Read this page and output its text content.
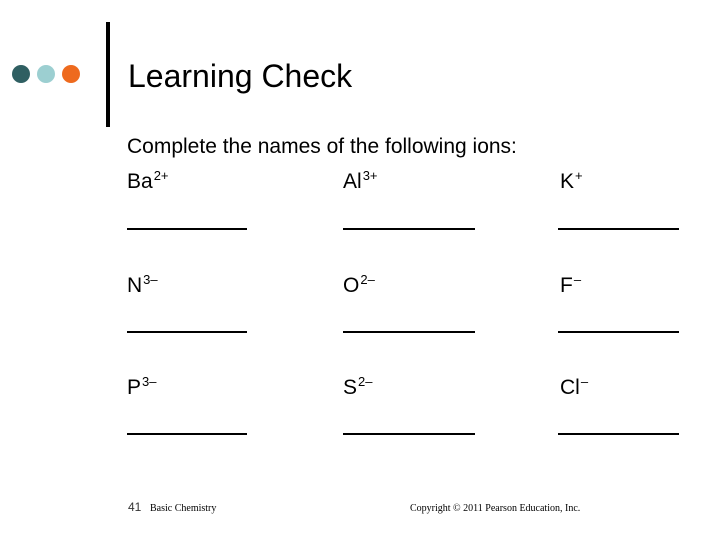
Learning Check
Complete the names of the following ions:
$Ba^{2+}$	$Al^{3+}$	K+
$N^{3-}$	$O^{2-}$	F–
$P^{3-}$	$S^{2-}$	Cl–
41 Basic Chemistry	Copyright © 2011 Pearson Education, Inc.
